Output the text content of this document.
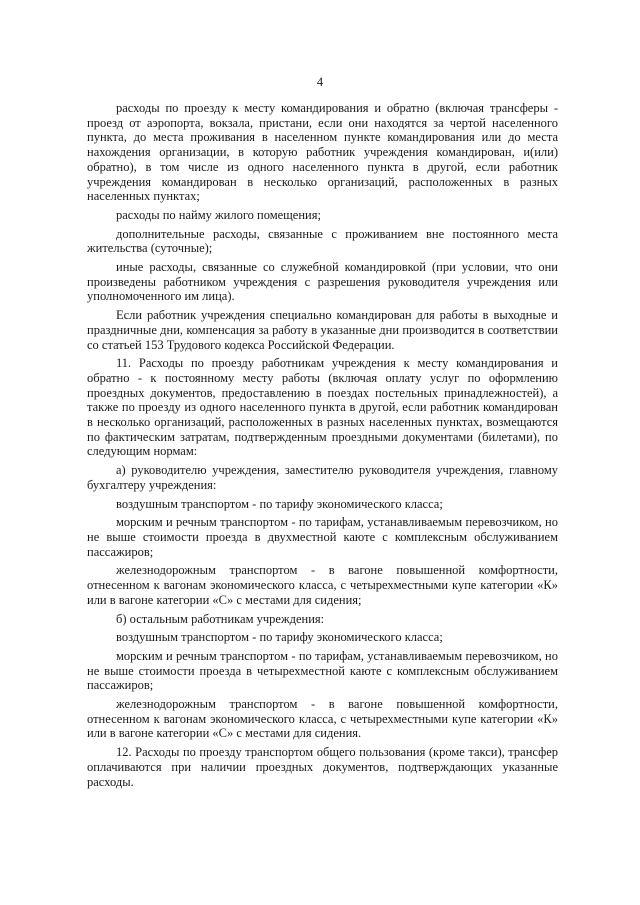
4

расходы по проезду к месту командирования и обратно (включая трансферы - проезд от аэропорта, вокзала, пристани, если они находятся за чертой населенного пункта, до места проживания в населенном пункте командирования или до места нахождения организации, в которую работник учреждения командирован, и(или) обратно), в том числе из одного населенного пункта в другой, если работник учреждения командирован в несколько организаций, расположенных в разных населенных пунктах;

расходы по найму жилого помещения;

дополнительные расходы, связанные с проживанием вне постоянного места жительства (суточные);

иные расходы, связанные со служебной командировкой (при условии, что они произведены работником учреждения с разрешения руководителя учреждения или уполномоченного им лица).

Если работник учреждения специально командирован для работы в выходные и праздничные дни, компенсация за работу в указанные дни производится в соответствии со статьей 153 Трудового кодекса Российской Федерации.

11. Расходы по проезду работникам учреждения к месту командирования и обратно - к постоянному месту работы (включая оплату услуг по оформлению проездных документов, предоставлению в поездах постельных принадлежностей), а также по проезду из одного населенного пункта в другой, если работник командирован в несколько организаций, расположенных в разных населенных пунктах, возмещаются по фактическим затратам, подтвержденным проездными документами (билетами), по следующим нормам:

а) руководителю учреждения, заместителю руководителя учреждения, главному бухгалтеру учреждения:

воздушным транспортом - по тарифу экономического класса;

морским и речным транспортом - по тарифам, устанавливаемым перевозчиком, но не выше стоимости проезда в двухместной каюте с комплексным обслуживанием пассажиров;

железнодорожным транспортом - в вагоне повышенной комфортности, отнесенном к вагонам экономического класса, с четырехместными купе категории «К» или в вагоне категории «С» с местами для сидения;

б) остальным работникам учреждения:

воздушным транспортом - по тарифу экономического класса;

морским и речным транспортом - по тарифам, устанавливаемым перевозчиком, но не выше стоимости проезда в четырехместной каюте с комплексным обслуживанием пассажиров;

железнодорожным транспортом - в вагоне повышенной комфортности, отнесенном к вагонам экономического класса, с четырехместными купе категории «К» или в вагоне категории «С» с местами для сидения.

12. Расходы по проезду транспортом общего пользования (кроме такси), трансфер оплачиваются при наличии проездных документов, подтверждающих указанные расходы.
